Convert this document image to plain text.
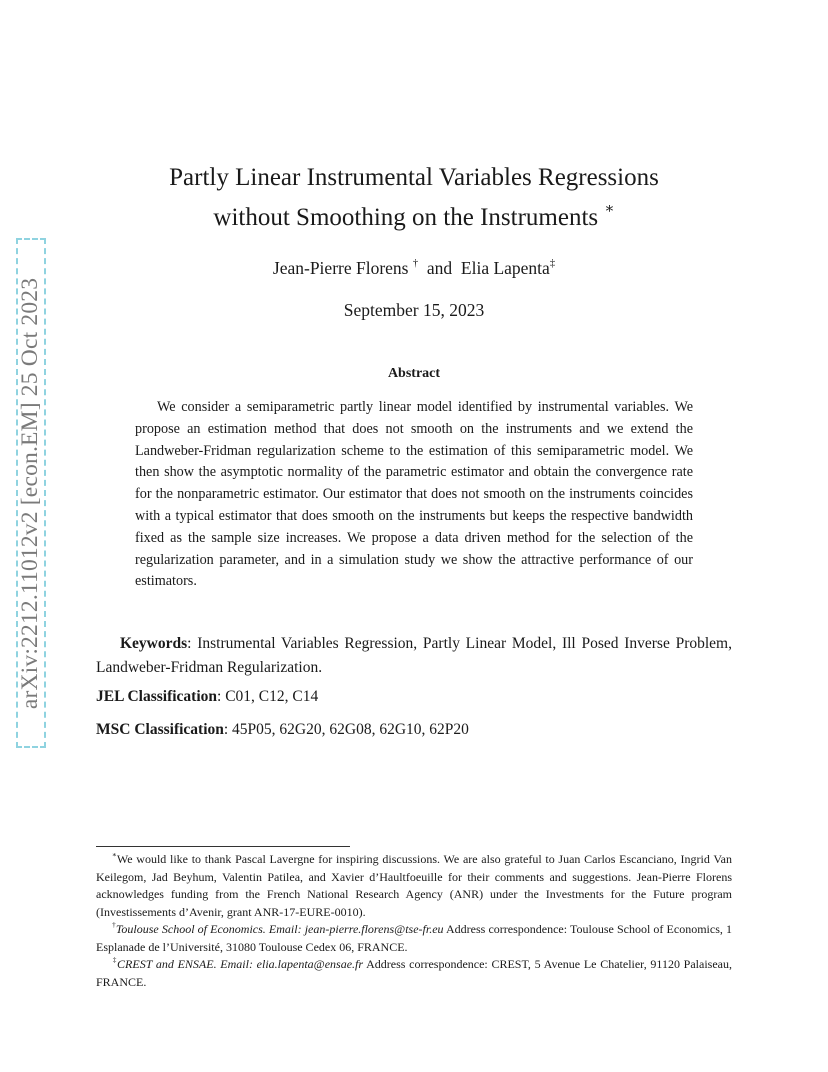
arXiv:2212.11012v2 [econ.EM] 25 Oct 2023
Partly Linear Instrumental Variables Regressions
without Smoothing on the Instruments ∗
Jean-Pierre Florens † and Elia Lapenta‡
September 15, 2023
Abstract

We consider a semiparametric partly linear model identified by instrumental variables. We propose an estimation method that does not smooth on the instruments and we extend the Landweber-Fridman regularization scheme to the estimation of this semiparametric model. We then show the asymptotic normality of the parametric estimator and obtain the convergence rate for the nonparametric estimator. Our estimator that does not smooth on the instruments coincides with a typical estimator that does smooth on the instruments but keeps the respective bandwidth fixed as the sample size increases. We propose a data driven method for the selection of the regularization parameter, and in a simulation study we show the attractive performance of our estimators.

Keywords: Instrumental Variables Regression, Partly Linear Model, Ill Posed Inverse Problem, Landweber-Fridman Regularization.

JEL Classification: C01, C12, C14
MSC Classification: 45P05, 62G20, 62G08, 62G10, 62P20

∗We would like to thank Pascal Lavergne for inspiring discussions. We are also grateful to Juan Carlos Escanciano, Ingrid Van Keilegom, Jad Beyhum, Valentin Patilea, and Xavier d’Haultfoeuille for their comments and suggestions. Jean-Pierre Florens acknowledges funding from the French National Research Agency (ANR) under the Investments for the Future program (Investissements d’Avenir, grant ANR-17-EURE-0010).

†Toulouse School of Economics. Email: jean-pierre.florens@tse-fr.eu Address correspondence: Toulouse School of Economics, 1 Esplanade de l’Université, 31080 Toulouse Cedex 06, FRANCE.

‡CREST and ENSAE. Email: elia.lapenta@ensae.fr Address correspondence: CREST, 5 Avenue Le Chatelier, 91120 Palaiseau, FRANCE.
